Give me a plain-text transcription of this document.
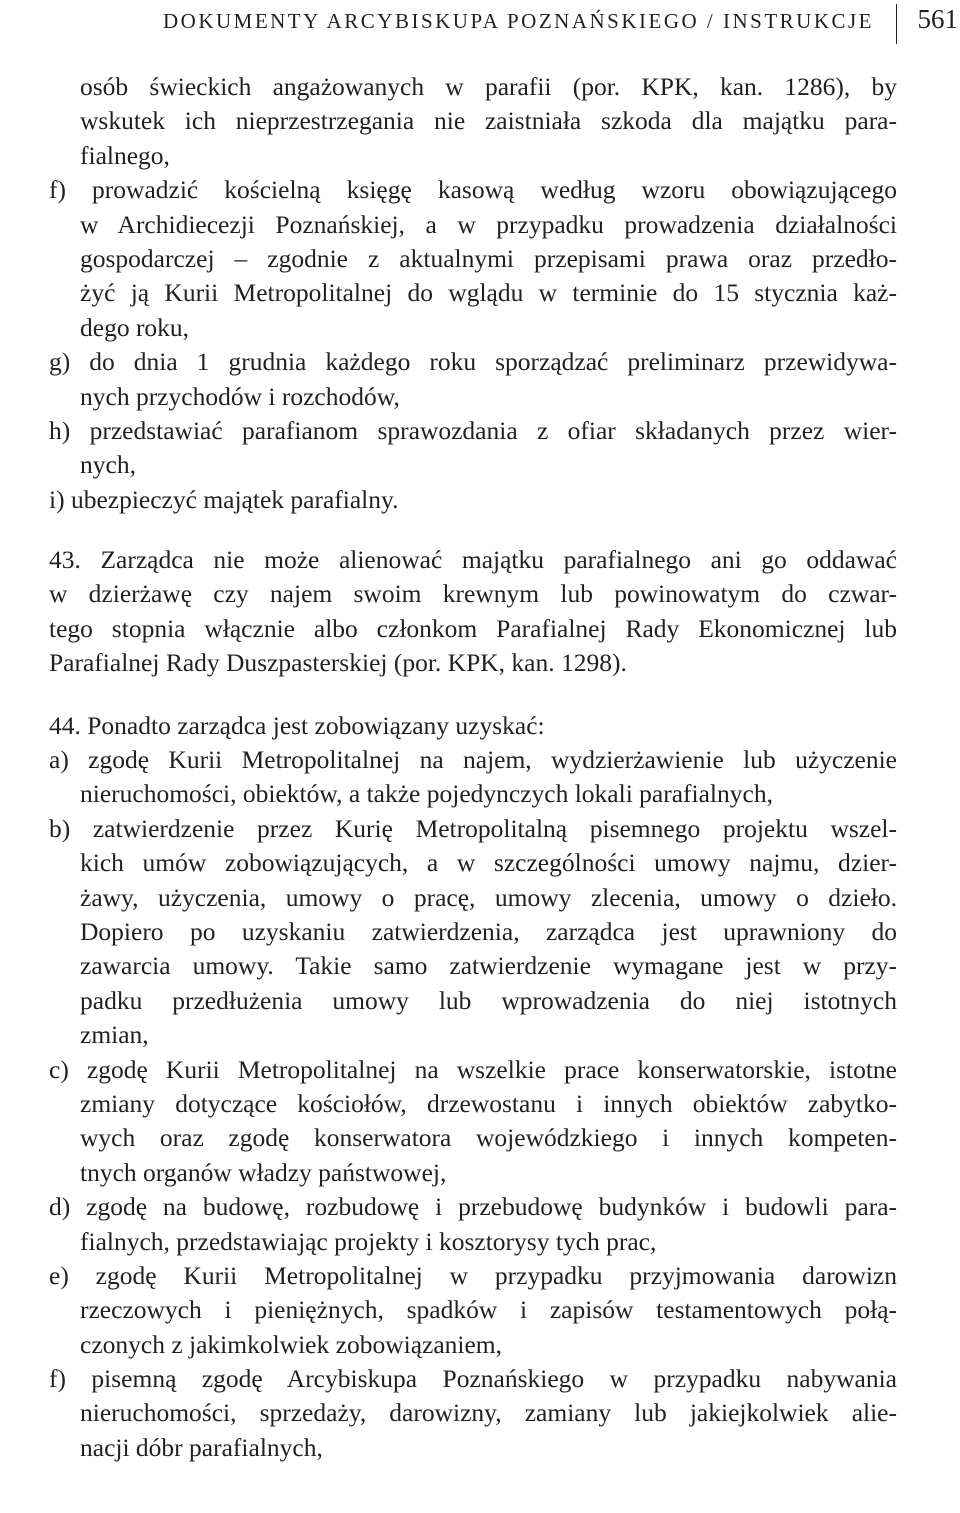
DOKUMENTY ARCYBISKUPA POZNAŃSKIEGO / INSTRUKCJE 561
osób świeckich angażowanych w parafii (por. KPK, kan. 1286), by
wskutek ich nieprzestrzegania nie zaistniała szkoda dla majątku para-
fialnego,
f) prowadzić kościelną księgę kasową według wzoru obowiązującego
w Archidiecezji Poznańskiej, a w przypadku prowadzenia działalności
gospodarczej – zgodnie z aktualnymi przepisami prawa oraz przedło-
żyć ją Kurii Metropolitalnej do wglądu w terminie do 15 stycznia każ-
dego roku,
g) do dnia 1 grudnia każdego roku sporządzać preliminarz przewidywa-
nych przychodów i rozchodów,
h) przedstawiać parafianom sprawozdania z ofiar składanych przez wier-
nych,
i) ubezpieczyć majątek parafialny.
43. Zarządca nie może alienować majątku parafialnego ani go oddawać
w dzierżawę czy najem swoim krewnym lub powinowatym do czwar-
tego stopnia włącznie albo członkom Parafialnej Rady Ekonomicznej lub
Parafialnej Rady Duszpasterskiej (por. KPK, kan. 1298).
44. Ponadto zarządca jest zobowiązany uzyskać:
a) zgodę Kurii Metropolitalnej na najem, wydzierżawienie lub użyczenie
nieruchomości, obiektów, a także pojedynczych lokali parafialnych,
b) zatwierdzenie przez Kurię Metropolitalną pisemnego projektu wszel-
kich umów zobowiązujących, a w szczególności umowy najmu, dzier-
żawy, użyczenia, umowy o pracę, umowy zlecenia, umowy o dzieło.
Dopiero po uzyskaniu zatwierdzenia, zarządca jest uprawniony do
zawarcia umowy. Takie samo zatwierdzenie wymagane jest w przy-
padku przedłużenia umowy lub wprowadzenia do niej istotnych
zmian,
c) zgodę Kurii Metropolitalnej na wszelkie prace konserwatorskie, istotne
zmiany dotyczące kościołów, drzewostanu i innych obiektów zabytko-
wych oraz zgodę konserwatora wojewódzkiego i innych kompeten-
tnych organów władzy państwowej,
d) zgodę na budowę, rozbudowę i przebudowę budynków i budowli para-
fialnych, przedstawiając projekty i kosztorysy tych prac,
e) zgodę Kurii Metropolitalnej w przypadku przyjmowania darowizn
rzeczowych i pieniężnych, spadków i zapisów testamentowych połą-
czonych z jakimkolwiek zobowiązaniem,
f) pisemną zgodę Arcybiskupa Poznańskiego w przypadku nabywania
nieruchomości, sprzedaży, darowizny, zamiany lub jakiejkolwiek alie-
nacji dóbr parafialnych,
